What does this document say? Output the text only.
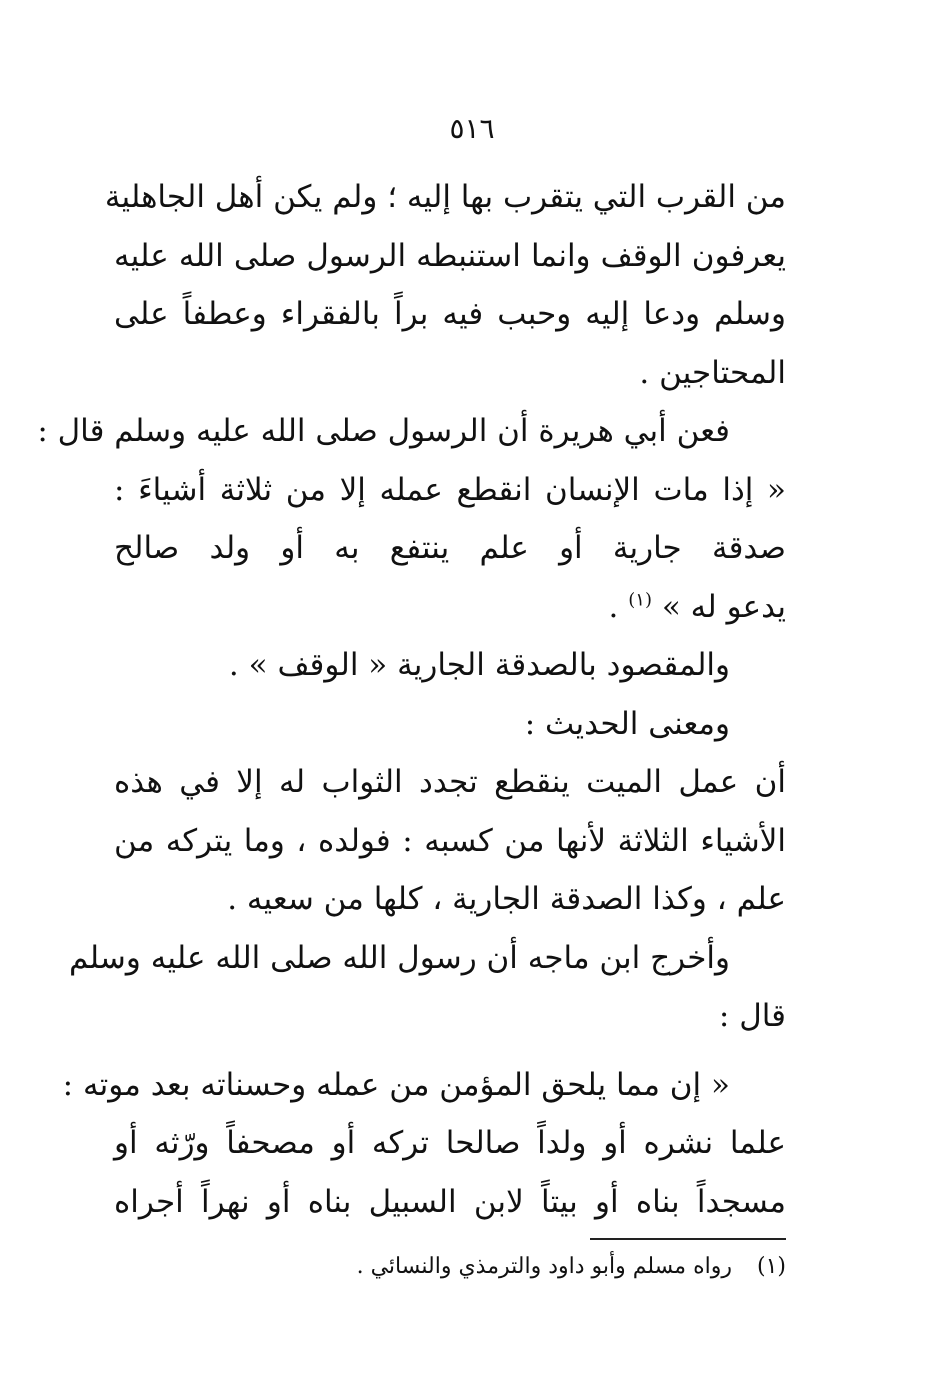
٥١٦
من القرب التي يتقرب بها إليه ؛ ولم يكن أهل الجاهلية
يعرفون الوقف وانما استنبطه الرسول صلى الله عليه
وسلم ودعا إليه وحبب فيه براً بالفقراء وعطفاً على
المحتاجين .
فعن أبي هريرة أن الرسول صلى الله عليه وسلم قال :
« إذا مات الإنسان انقطع عمله إلا من ثلاثة أشياءَ :
صدقة جارية أو علم ينتفع به أو ولد صالح
يدعو له » $^{(١)}$ .
والمقصود بالصدقة الجارية « الوقف » .
ومعنى الحديث :
أن عمل الميت ينقطع تجدد الثواب له إلا في هذه
الأشياء الثلاثة لأنها من كسبه : فولده ، وما يتركه من
علم ، وكذا الصدقة الجارية ، كلها من سعيه .
وأخرج ابن ماجه أن رسول الله صلى الله عليه وسلم
قال :
« إن مما يلحق المؤمن من عمله وحسناته بعد موته :
علما نشره أو ولداً صالحا تركه أو مصحفاً ورّثه أو
مسجداً بناه أو بيتاً لابن السبيل بناه أو نهراً أجراه
(١) رواه مسلم وأبو داود والترمذي والنسائي .
